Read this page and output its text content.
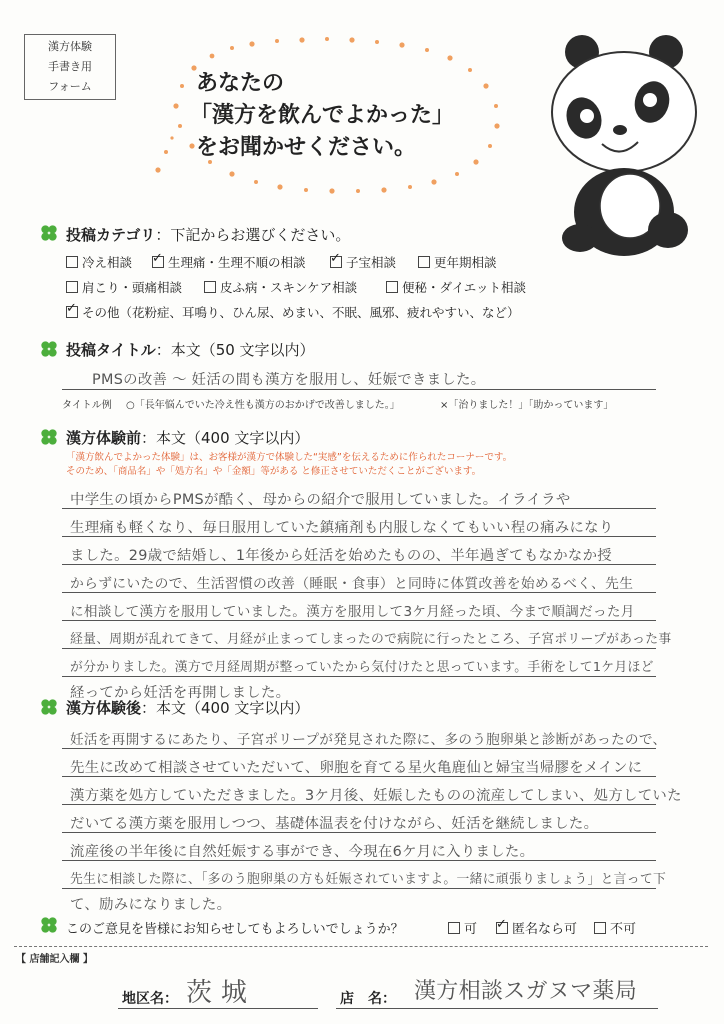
漢方体験
手書き用
フォーム	あなたの
「漢方を飲んでよかった」
をお聞かせください。
投稿カテゴリ：下記からお選びください。
冷え相談 ✓	生理痛・生理不順の相談 ✓	子宝相談	更年期相談
肩こり・頭痛相談	皮ふ病・スキンケア相談	便秘・ダイエット相談
✓その他（花粉症、耳鳴り、ひん尿、めまい、不眠、風邪、疲れやすい、など）
投稿タイトル：本文（50 文字以内）
PMSの改善 〜 妊活の間も漢方を服用し、妊娠できました。
タイトル例 ○「長年悩んでいた冷え性も漢方のおかげで改善しました。」	×「治りました！」「助かっています」
漢方体験前：本文（400 文字以内）
「漢方飲んでよかった体験」は、お客様が漢方で体験した“実感”を伝えるために作られたコーナーです。
そのため、「商品名」や「処方名」や「金額」等がある と修正させていただくことがございます。
中学生の頃からPMSが酷く、母からの紹介で服用していました。イライラや
生理痛も軽くなり、毎日服用していた鎮痛剤も内服しなくてもいい程の痛みになり
ました。29歳で結婚し、1年後から妊活を始めたものの、半年過ぎてもなかなか授
からずにいたので、生活習慣の改善（睡眠・食事）と同時に体質改善を始めるべく、先生
に相談して漢方を服用していました。漢方を服用して3ケ月経った頃、今まで順調だった月
経量、周期が乱れてきて、月経が止まってしまったので病院に行ったところ、子宮ポリープがあった事
が分かりました。漢方で月経周期が整っていたから気付けたと思っています。手術をして1ケ月ほど
経ってから妊活を再開しました。
漢方体験後：本文（400 文字以内）
妊活を再開するにあたり、子宮ポリープが発見された際に、多のう胞卵巣と診断があったので、
先生に改めて相談させていただいて、卵胞を育てる星火亀鹿仙と婦宝当帰膠をメインに
漢方薬を処方していただきました。3ケ月後、妊娠したものの流産してしまい、処方していた
だいてる漢方薬を服用しつつ、基礎体温表を付けながら、妊活を継続しました。
流産後の半年後に自然妊娠する事ができ、今現在6ケ月に入りました。
先生に相談した際に、「多のう胞卵巣の方も妊娠されていますよ。一緒に頑張りましょう」と言って下
て、励みになりました。
このご意見を皆様にお知らせしてもよろしいでしょうか？	可 ✓	匿名なら可	不可
【 店舗記入欄 】
地区名： 茨 城	店　名： 漢方相談スガヌマ薬局
